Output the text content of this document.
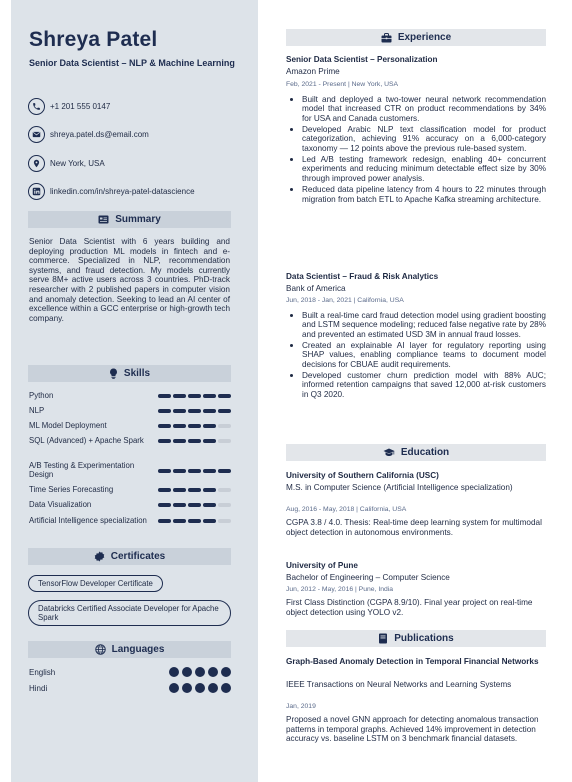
Shreya Patel
Senior Data Scientist – NLP & Machine Learning
+1 201 555 0147
shreya.patel.ds@email.com
New York, USA
linkedin.com/in/shreya-patel-datascience
Summary
Senior Data Scientist with 6 years building and deploying production ML models in fintech and e-commerce. Specialized in NLP, recommendation systems, and fraud detection. My models currently serve 8M+ active users across 3 countries. PhD-track researcher with 2 published papers in computer vision and anomaly detection. Seeking to lead an AI center of excellence within a GCC enterprise or high-growth tech company.
Skills
Python
NLP
ML Model Deployment
SQL (Advanced) + Apache Spark
A/B Testing & Experimentation Design
Time Series Forecasting
Data Visualization
Artificial Intelligence specialization
Certificates
TensorFlow Developer Certificate
Databricks Certified Associate Developer for Apache Spark
Languages
English
Hindi
Experience
Senior Data Scientist – Personalization
Amazon Prime
Feb, 2021 - Present | New York, USA
Built and deployed a two-tower neural network recommendation model that increased CTR on product recommendations by 34% for USA and Canada customers.
Developed Arabic NLP text classification model for product categorization, achieving 91% accuracy on a 6,000-category taxonomy — 12 points above the previous rule-based system.
Led A/B testing framework redesign, enabling 40+ concurrent experiments and reducing minimum detectable effect size by 30% through improved power analysis.
Reduced data pipeline latency from 4 hours to 22 minutes through migration from batch ETL to Apache Kafka streaming architecture.
Data Scientist – Fraud & Risk Analytics
Bank of America
Jun, 2018 - Jan, 2021 | California, USA
Built a real-time card fraud detection model using gradient boosting and LSTM sequence modeling; reduced false negative rate by 28% and prevented an estimated USD 3M in annual fraud losses.
Created an explainable AI layer for regulatory reporting using SHAP values, enabling compliance teams to document model decisions for CBUAE audit requirements.
Developed customer churn prediction model with 88% AUC; informed retention campaigns that saved 12,000 at-risk customers in Q3 2020.
Education
University of Southern California (USC)
M.S. in Computer Science (Artificial Intelligence specialization)
Aug, 2016 - May, 2018 | California, USA
CGPA 3.8 / 4.0. Thesis: Real-time deep learning system for multimodal object detection in autonomous environments.
University of Pune
Bachelor of Engineering – Computer Science
Jun, 2012 - May, 2016 | Pune, India
First Class Distinction (CGPA 8.9/10). Final year project on real-time object detection using YOLO v2.
Publications
Graph-Based Anomaly Detection in Temporal Financial Networks
IEEE Transactions on Neural Networks and Learning Systems
Jan, 2019
Proposed a novel GNN approach for detecting anomalous transaction patterns in temporal graphs. Achieved 14% improvement in detection accuracy vs. baseline LSTM on 3 benchmark financial datasets.
